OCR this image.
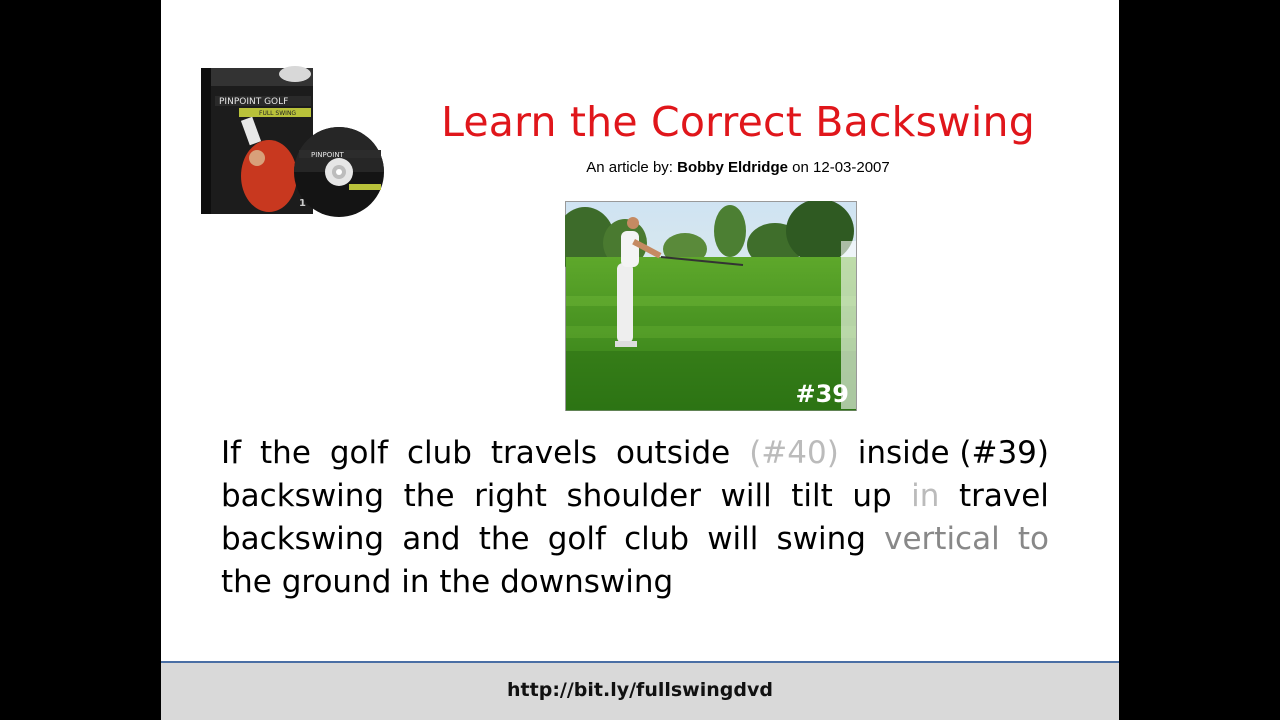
PINPOINT GOLF
FULL SWING
1
PINPOINT
Learn the Correct Backswing
An article by: Bobby Eldridge on 12-03-2007
#39
If the golf club travels outside (#40) inside (#39)
backswing the right shoulder will tilt up in travel
backswing and the golf club will swing vertical to
the ground in the downswing
http://bit.ly/fullswingdvd
